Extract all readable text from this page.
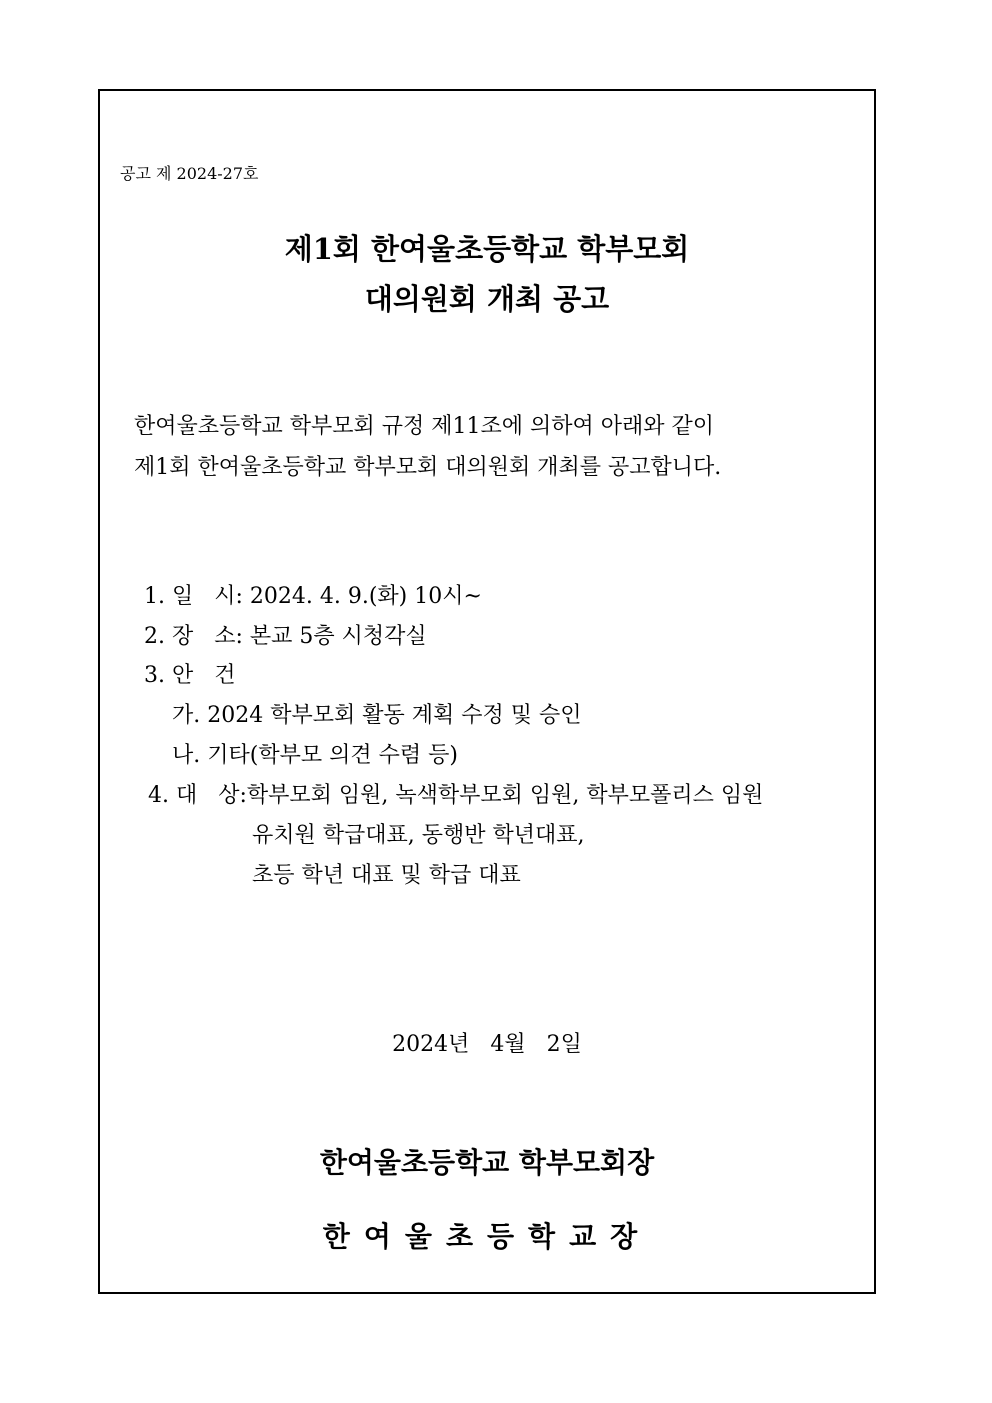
공고 제 2024-27호
제1회 한여울초등학교 학부모회
대의원회 개최 공고
한여울초등학교 학부모회 규정 제11조에 의하여 아래와 같이
제1회 한여울초등학교 학부모회 대의원회 개최를 공고합니다.
1. 일   시: 2024. 4. 9.(화) 10시~
2. 장   소: 본교 5층 시청각실
3. 안   건
가. 2024 학부모회 활동 계획 수정 및 승인
나. 기타(학부모 의견 수렴 등)
4. 대   상:학부모회 임원, 녹색학부모회 임원, 학부모폴리스 임원
유치원 학급대표, 동행반 학년대표,
초등 학년 대표 및 학급 대표
2024년   4월   2일
한여울초등학교 학부모회장
한여울초등학교장
